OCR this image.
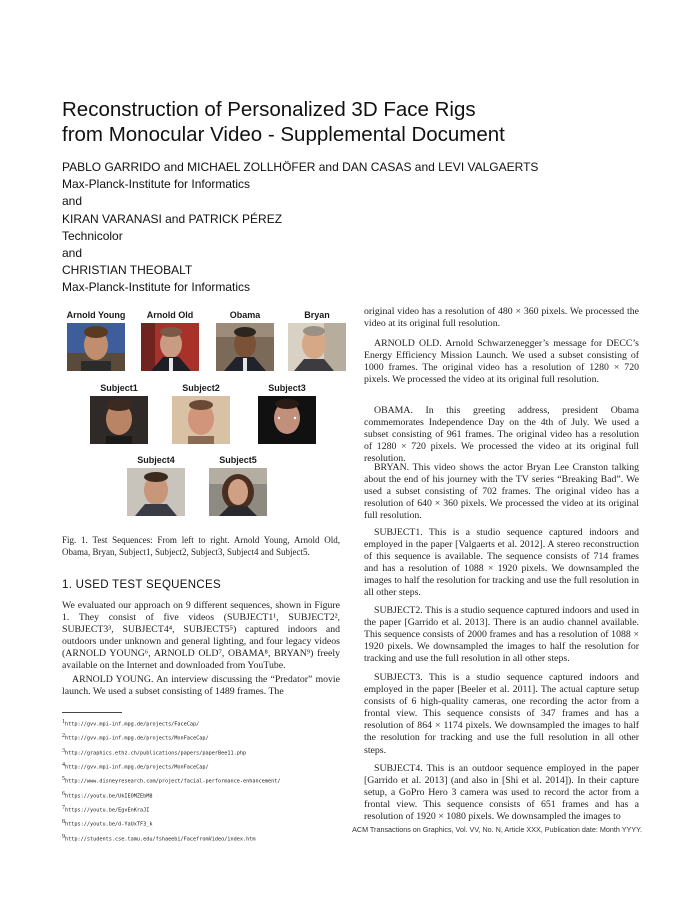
Reconstruction of Personalized 3D Face Rigs
from Monocular Video - Supplemental Document
PABLO GARRIDO and MICHAEL ZOLLHÖFER and DAN CASAS and LEVI VALGAERTS
Max-Planck-Institute for Informatics
and
KIRAN VARANASI and PATRICK PÉREZ
Technicolor
and
CHRISTIAN THEOBALT
Max-Planck-Institute for Informatics
Arnold Young	Arnold Old	Obama	Bryan
Subject1	Subject2	Subject3
Subject4	Subject5
Fig. 1. Test Sequences: From left to right. Arnold Young, Arnold Old, Obama, Bryan, Subject1, Subject2, Subject3, Subject4 and Subject5.
1. USED TEST SEQUENCES
We evaluated our approach on 9 different sequences, shown in Figure 1. They consist of five videos (SUBJECT1¹, SUBJECT2², SUBJECT3³, SUBJECT4⁴, SUBJECT5⁵) captured indoors and outdoors under unknown and general lighting, and four legacy videos (ARNOLD YOUNG⁶, ARNOLD OLD⁷, OBAMA⁸, BRYAN⁹) freely available on the Internet and downloaded from YouTube.
ARNOLD YOUNG. An interview discussing the “Predator” movie launch. We used a subset consisting of 1489 frames. The
$^1$http://gvv.mpi-inf.mpg.de/projects/FaceCap/
$^2$http://gvv.mpi-inf.mpg.de/projects/MonFaceCap/
$^3$http://graphics.ethz.ch/publications/papers/paperBee11.php
$^4$http://gvv.mpi-inf.mpg.de/projects/MonFaceCap/
$^5$http://www.disneyresearch.com/project/facial-performance-enhancement/
$^6$https://youtu.be/UkIEOMZEbM8
$^7$https://youtu.be/EgvEnKraJI
$^8$https://youtu.be/d-YaUxTF3_k
$^9$http://students.cse.tamu.edu/fshaeebi/FacefromVideo/index.htm
original video has a resolution of 480 × 360 pixels. We processed the video at its original full resolution.
ARNOLD OLD. Arnold Schwarzenegger’s message for DECC’s Energy Efficiency Mission Launch. We used a subset consisting of 1000 frames. The original video has a resolution of 1280 × 720 pixels. We processed the video at its original full resolution.
OBAMA. In this greeting address, president Obama commemorates Independence Day on the 4th of July. We used a subset consisting of 961 frames. The original video has a resolution of 1280 × 720 pixels. We processed the video at its original full resolution.
BRYAN. This video shows the actor Bryan Lee Cranston talking about the end of his journey with the TV series “Breaking Bad”. We used a subset consisting of 702 frames. The original video has a resolution of 640 × 360 pixels. We processed the video at its original full resolution.
SUBJECT1. This is a studio sequence captured indoors and employed in the paper [Valgaerts et al. 2012]. A stereo reconstruction of this sequence is available. The sequence consists of 714 frames and has a resolution of 1088 × 1920 pixels. We downsampled the images to half the resolution for tracking and use the full resolution in all other steps.
SUBJECT2. This is a studio sequence captured indoors and used in the paper [Garrido et al. 2013]. There is an audio channel available. This sequence consists of 2000 frames and has a resolution of 1088 × 1920 pixels. We downsampled the images to half the resolution for tracking and use the full resolution in all other steps.
SUBJECT3. This is a studio sequence captured indoors and employed in the paper [Beeler et al. 2011]. The actual capture setup consists of 6 high-quality cameras, one recording the actor from a frontal view. This sequence consists of 347 frames and has a resolution of 864 × 1174 pixels. We downsampled the images to half the resolution for tracking and use the full resolution in all other steps.
SUBJECT4. This is an outdoor sequence employed in the paper [Garrido et al. 2013] (and also in [Shi et al. 2014]). In their capture setup, a GoPro Hero 3 camera was used to record the actor from a frontal view. This sequence consists of 651 frames and has a resolution of 1920 × 1080 pixels. We downsampled the images to
ACM Transactions on Graphics, Vol. VV, No. N, Article XXX, Publication date: Month YYYY.
